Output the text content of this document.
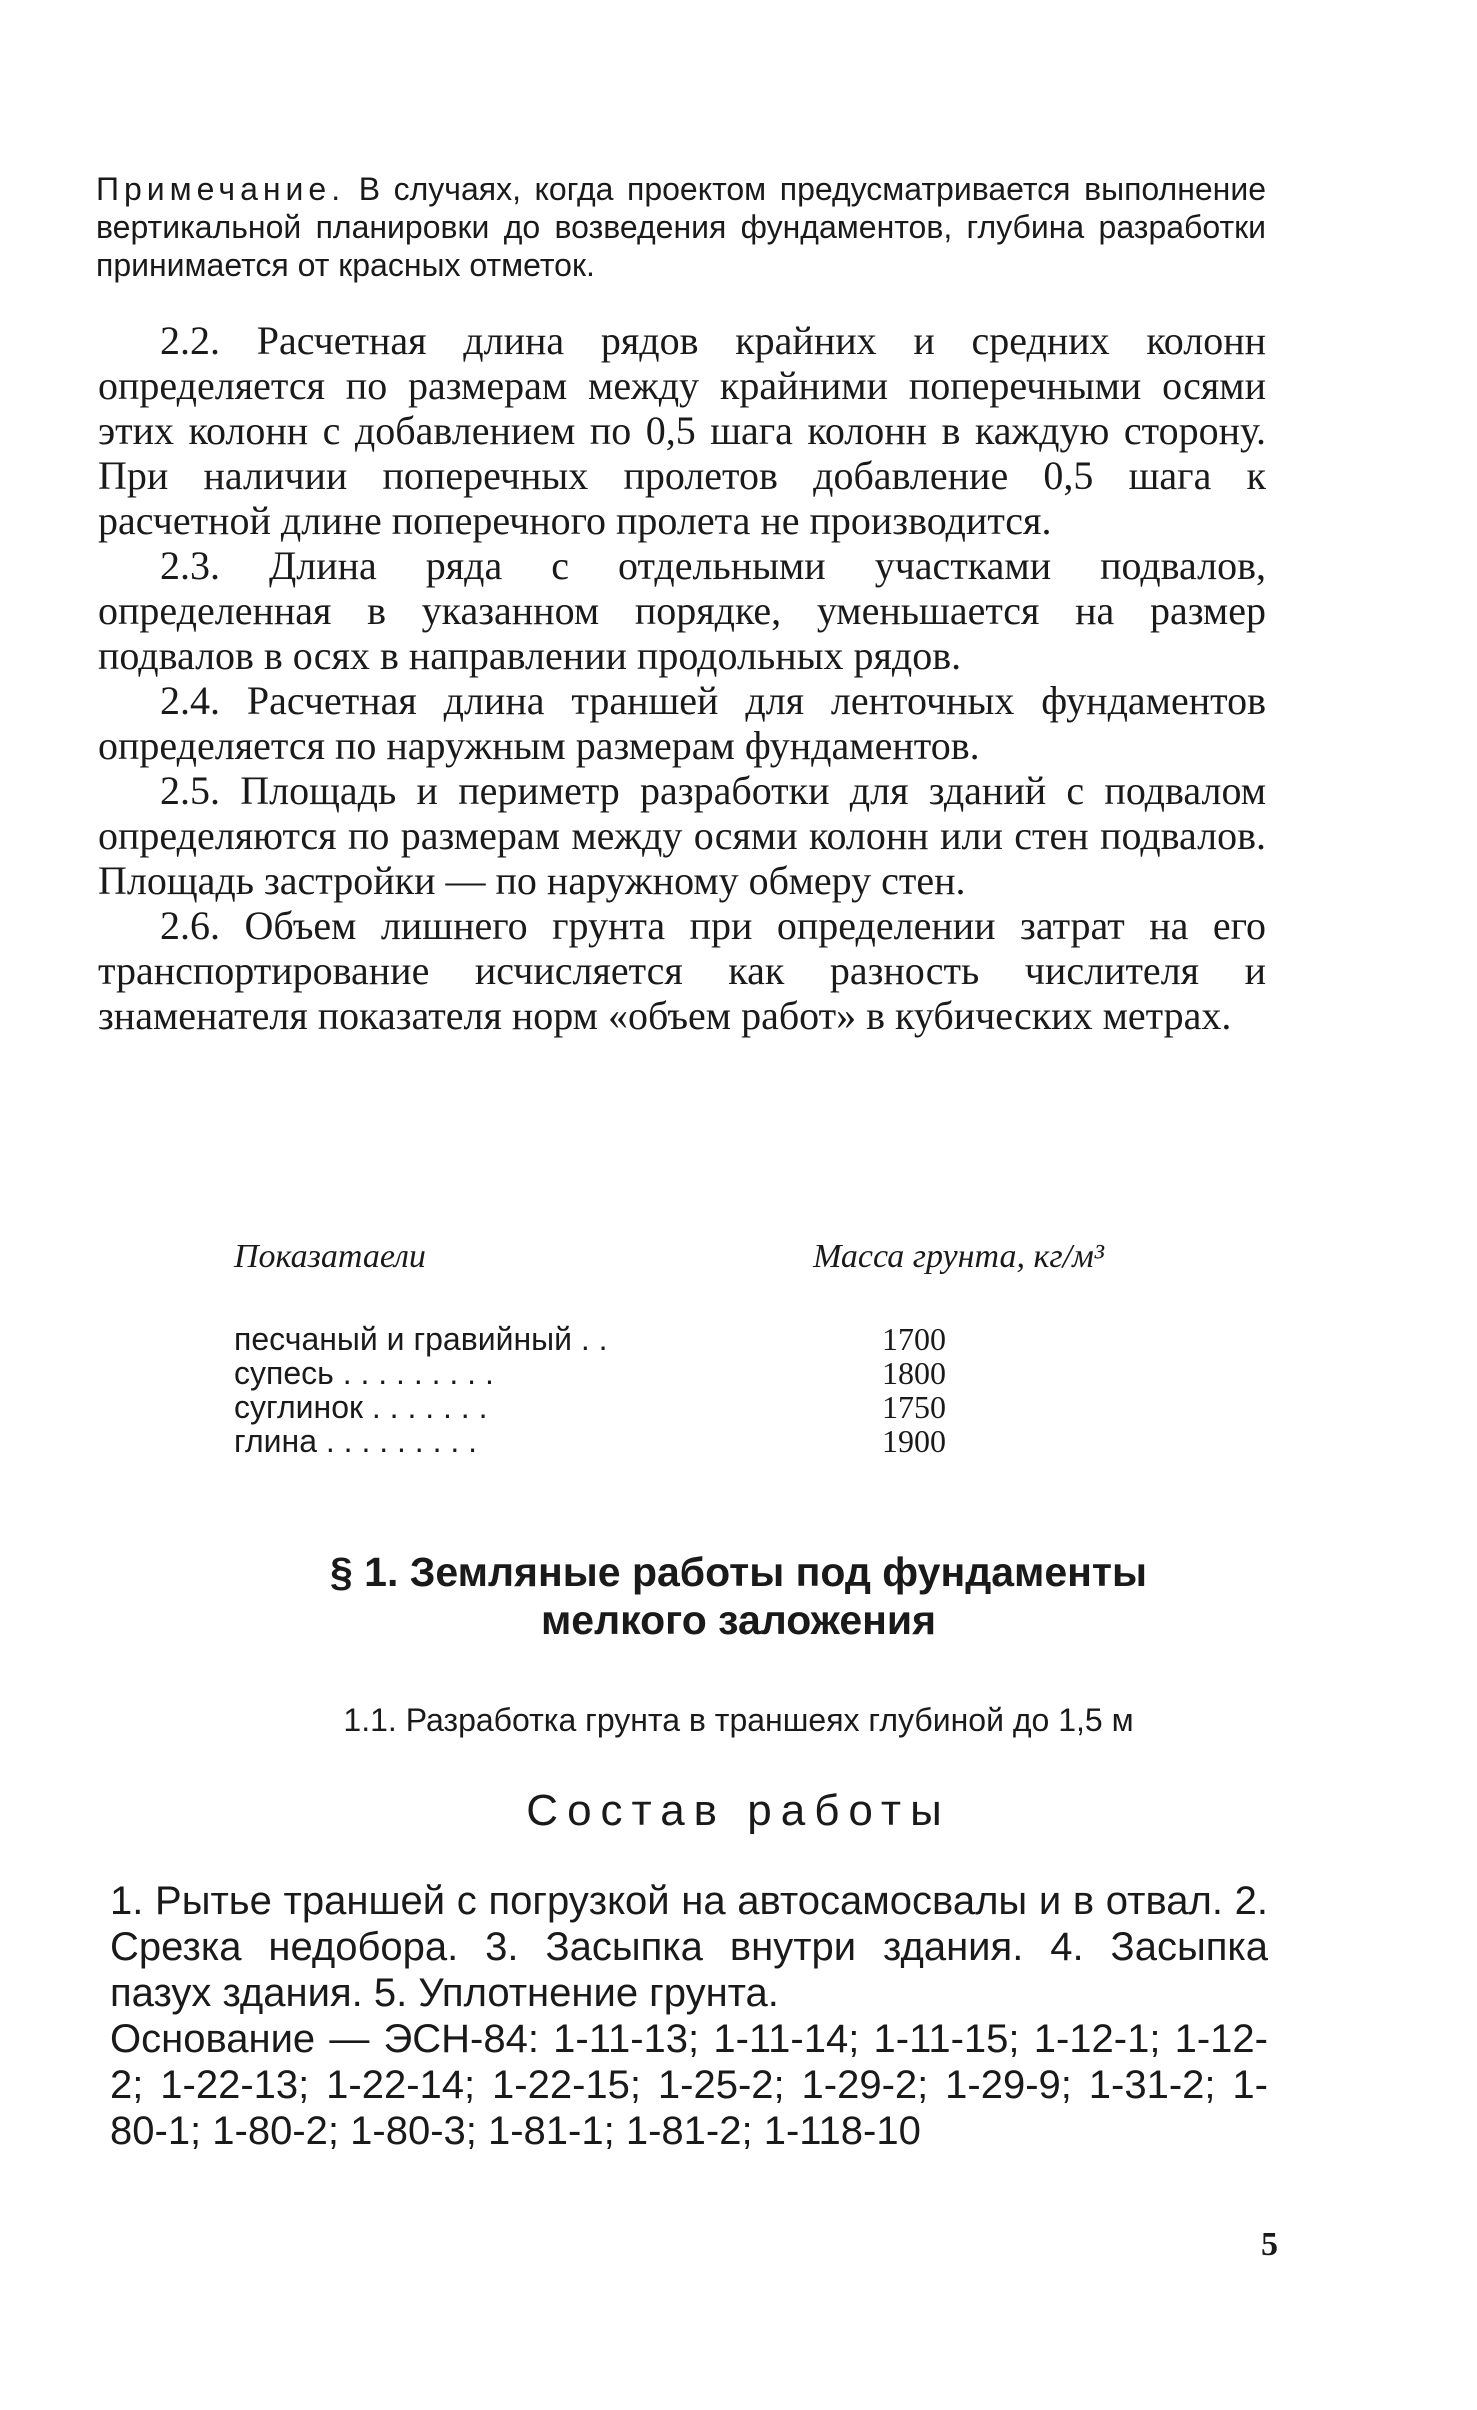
Примечание. В случаях, когда проектом предусматривается выполнение вертикальной планировки до возведения фундаментов, глубина разработки принимается от красных отметок.

2.2. Расчетная длина рядов крайних и средних колонн определяется по размерам между крайними поперечными осями этих колонн с добавлением по 0,5 шага колонн в каждую сторону. При наличии поперечных пролетов добавление 0,5 шага к расчетной длине поперечного пролета не производится.

2.3. Длина ряда с отдельными участками подвалов, определенная в указанном порядке, уменьшается на размер подвалов в осях в направлении продольных рядов.

2.4. Расчетная длина траншей для ленточных фундаментов определяется по наружным размерам фундаментов.

2.5. Площадь и периметр разработки для зданий с подвалом определяются по размерам между осями колонн или стен подвалов. Площадь застройки — по наружному обмеру стен.

2.6. Объем лишнего грунта при определении затрат на его транспортирование исчисляется как разность числителя и знаменателя показателя норм «объем работ» в кубических метрах.

Показатаели	Масса грунта, кг/м³
песчаный и гравийный . .	1700
супесь . . . . . . . . .	1800
суглинок . . . . . . .	1750
глина . . . . . . . . .	1900
§ 1. Земляные работы под фундаменты
мелкого заложения
1.1. Разработка грунта в траншеях глубиной до 1,5 м
Состав работы

1. Рытье траншей с погрузкой на автосамосвалы и в отвал. 2. Срезка недобора. 3. Засыпка внутри здания. 4. Засыпка пазух здания. 5. Уплотнение грунта.

Основание — ЭСН-84: 1-11-13; 1-11-14; 1-11-15; 1-12-1; 1-12-2; 1-22-13; 1-22-14; 1-22-15; 1-25-2; 1-29-2; 1-29-9; 1-31-2; 1-80-1; 1-80-2; 1-80-3; 1-81-1; 1-81-2; 1-118-10

5
